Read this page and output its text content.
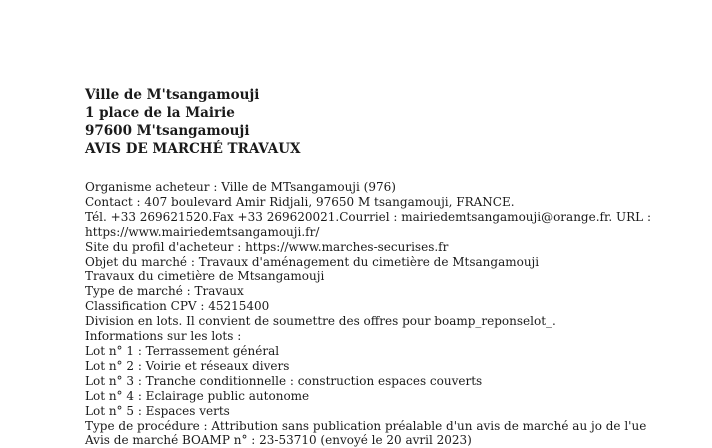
Ville de M'tsangamouji
1 place de la Mairie
97600 M'tsangamouji
AVIS DE MARCHÉ TRAVAUX
Organisme acheteur : Ville de MTsangamouji (976)
Contact : 407 boulevard Amir Ridjali, 97650 M tsangamouji, FRANCE.
Tél. +33 269621520.Fax +33 269620021.Courriel : mairiedemtsangamouji@orange.fr. URL :
https://www.mairiedemtsangamouji.fr/
Site du profil d'acheteur : https://www.marches-securises.fr
Objet du marché : Travaux d'aménagement du cimetière de Mtsangamouji
Travaux du cimetière de Mtsangamouji
Type de marché : Travaux
Classification CPV : 45215400
Division en lots. Il convient de soumettre des offres pour boamp_reponselot_.
Informations sur les lots :
Lot n° 1 : Terrassement général
Lot n° 2 : Voirie et réseaux divers
Lot n° 3 : Tranche conditionnelle : construction espaces couverts
Lot n° 4 : Eclairage public autonome
Lot n° 5 : Espaces verts
Type de procédure : Attribution sans publication préalable d'un avis de marché au jo de l'ue
Avis de marché BOAMP n° : 23-53710 (envoyé le 20 avril 2023)
